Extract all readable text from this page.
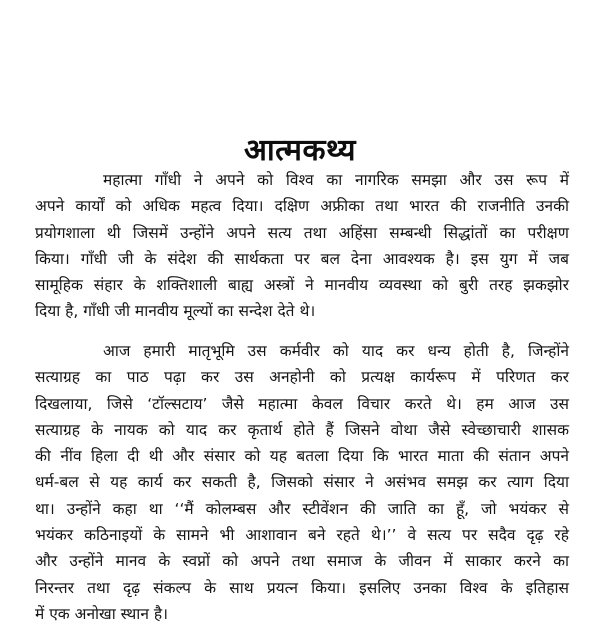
आत्मकथ्य

महात्मा गाँधी ने अपने को विश्व का नागरिक समझा और उस रूप में
अपने कार्यों को अधिक महत्व दिया। दक्षिण अफ्रीका तथा भारत की राजनीति उनकी
प्रयोगशाला थी जिसमें उन्होंने अपने सत्य तथा अहिंसा सम्बन्धी सिद्धांतों का परीक्षण
किया। गाँधी जी के संदेश की सार्थकता पर बल देना आवश्यक है। इस युग में जब
सामूहिक संहार के शक्तिशाली बाह्य अस्त्रों ने मानवीय व्यवस्था को बुरी तरह झकझोर
दिया है, गाँधी जी मानवीय मूल्यों का सन्देश देते थे।

आज हमारी मातृभूमि उस कर्मवीर को याद कर धन्य होती है, जिन्होंने
सत्याग्रह का पाठ पढ़ा कर उस अनहोनी को प्रत्यक्ष कार्यरूप में परिणत कर
दिखलाया, जिसे ‘टॉल्सटाय’ जैसे महात्मा केवल विचार करते थे। हम आज उस
सत्याग्रह के नायक को याद कर कृतार्थ होते हैं जिसने वोथा जैसे स्वेच्छाचारी शासक
की नींव हिला दी थी और संसार को यह बतला दिया कि भारत माता की संतान अपने
धर्म-बल से यह कार्य कर सकती है, जिसको संसार ने असंभव समझ कर त्याग दिया
था। उन्होंने कहा था ‘‘मैं कोलम्बस और स्टीवेंशन की जाति का हूँ, जो भयंकर से
भयंकर कठिनाइयों के सामने भी आशावान बने रहते थे।’’ वे सत्य पर सदैव दृढ़ रहे
और उन्होंने मानव के स्वप्नों को अपने तथा समाज के जीवन में साकार करने का
निरन्तर तथा दृढ़ संकल्प के साथ प्रयत्न किया। इसलिए उनका विश्व के इतिहास
में एक अनोखा स्थान है।
